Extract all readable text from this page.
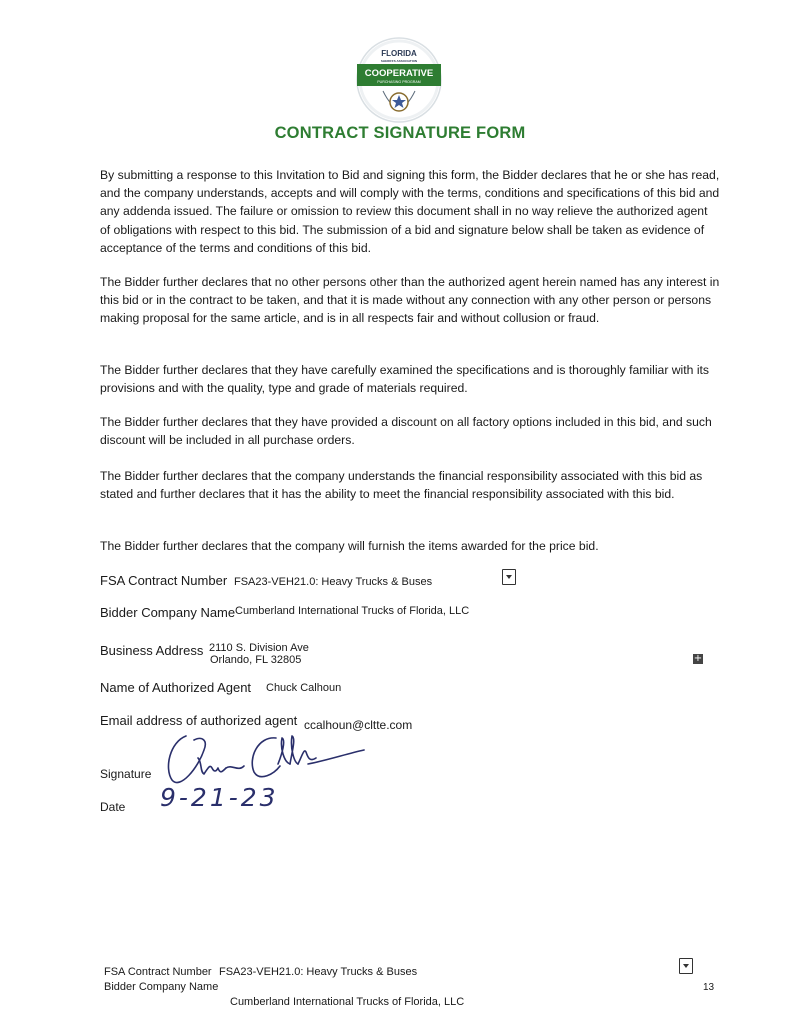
FLORIDA
SHERIFFS ASSOCIATION
COOPERATIVE
PURCHASING PROGRAM
CONTRACT SIGNATURE FORM

By submitting a response to this Invitation to Bid and signing this form, the Bidder declares that he or she has read, and the company understands, accepts and will comply with the terms, conditions and specifications of this bid and any addenda issued. The failure or omission to review this document shall in no way relieve the authorized agent of obligations with respect to this bid. The submission of a bid and signature below shall be taken as evidence of acceptance of the terms and conditions of this bid.

The Bidder further declares that no other persons other than the authorized agent herein named has any interest in this bid or in the contract to be taken, and that it is made without any connection with any other person or persons making proposal for the same article, and is in all respects fair and without collusion or fraud.

The Bidder further declares that they have carefully examined the specifications and is thoroughly familiar with its provisions and with the quality, type and grade of materials required.

The Bidder further declares that they have provided a discount on all factory options included in this bid, and such discount will be included in all purchase orders.

The Bidder further declares that the company understands the financial responsibility associated with this bid as stated and further declares that it has the ability to meet the financial responsibility associated with this bid.

The Bidder further declares that the company will furnish the items awarded for the price bid.

FSA Contract Number FSA23-VEH21.0: Heavy Trucks & Buses
Bidder Company Name Cumberland International Trucks of Florida, LLC
Business Address 2110 S. Division Ave
Orlando, FL 32805	+
Name of Authorized Agent Chuck Calhoun
Email address of authorized agent ccalhoun@cltte.com
Signature
Date 9-21-23
FSA Contract Number FSA23-VEH21.0: Heavy Trucks & Buses
Bidder Company Name
Cumberland International Trucks of Florida, LLC
13
